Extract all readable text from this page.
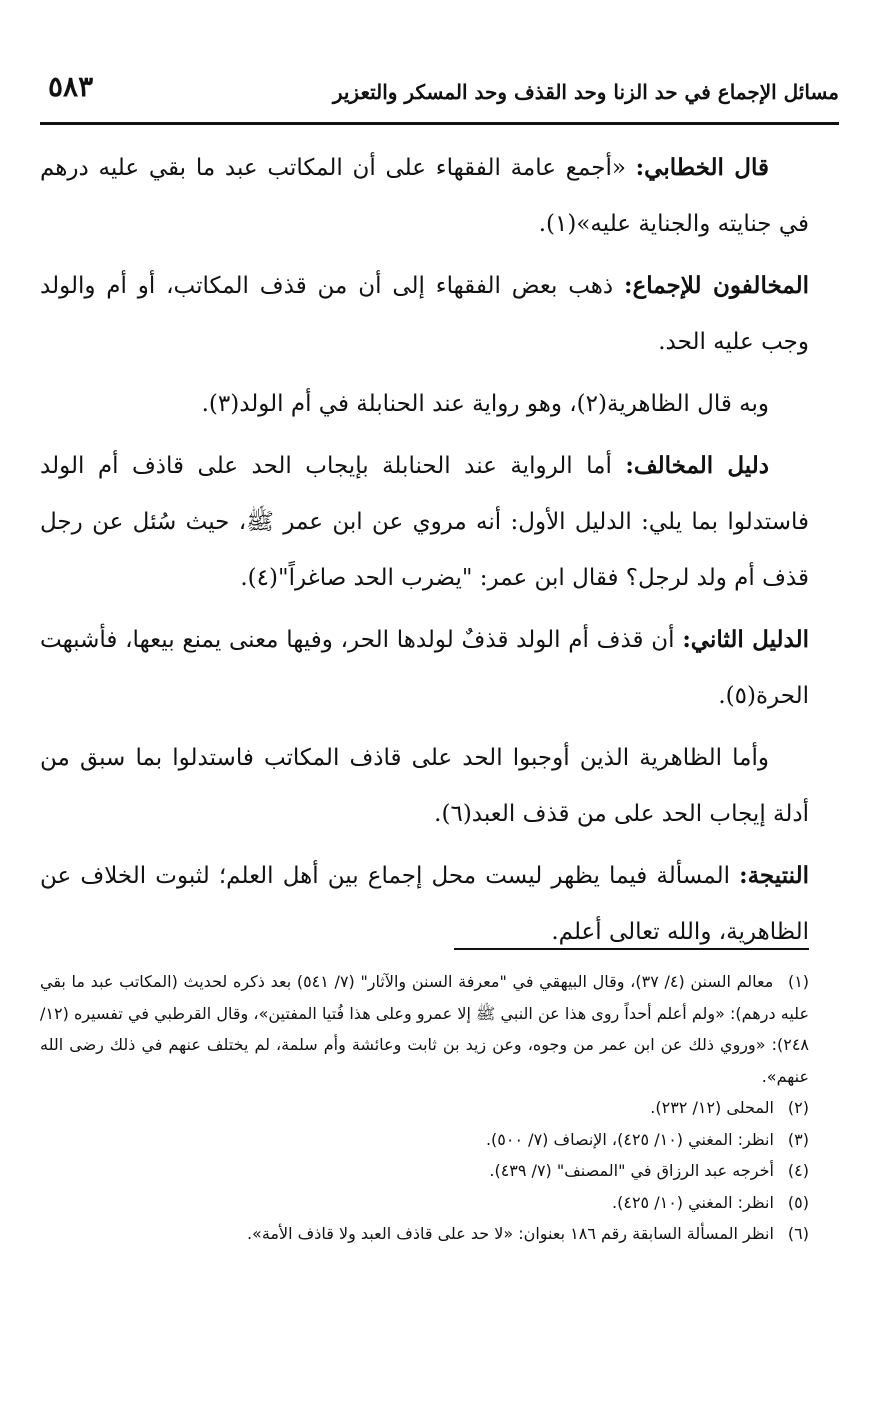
مسائل الإجماع في حد الزنا وحد القذف وحد المسكر والتعزير
٥٨٣

قال الخطابي: «أجمع عامة الفقهاء على أن المكاتب عبد ما بقي عليه درهم في جنايته والجناية عليه»(١).

المخالفون للإجماع: ذهب بعض الفقهاء إلى أن من قذف المكاتب، أو أم والولد وجب عليه الحد.

وبه قال الظاهرية(٢)، وهو رواية عند الحنابلة في أم الولد(٣).

دليل المخالف: أما الرواية عند الحنابلة بإيجاب الحد على قاذف أم الولد فاستدلوا بما يلي: الدليل الأول: أنه مروي عن ابن عمر ﷺ، حيث سُئل عن رجل قذف أم ولد لرجل؟ فقال ابن عمر: "يضرب الحد صاغراً"(٤).

الدليل الثاني: أن قذف أم الولد قذفٌ لولدها الحر، وفيها معنى يمنع بيعها، فأشبهت الحرة(٥).

وأما الظاهرية الذين أوجبوا الحد على قاذف المكاتب فاستدلوا بما سبق من أدلة إيجاب الحد على من قذف العبد(٦).

النتيجة: المسألة فيما يظهر ليست محل إجماع بين أهل العلم؛ لثبوت الخلاف عن الظاهرية، والله تعالى أعلم.

(١) معالم السنن (٤/ ٣٧)، وقال البيهقي في "معرفة السنن والآثار" (٧/ ٥٤١) بعد ذكره لحديث (المكاتب عبد ما بقي عليه درهم): «ولم أعلم أحداً روى هذا عن النبي ﷺ إلا عمرو وعلى هذا فُتيا المفتين»، وقال القرطبي في تفسيره (١٢/ ٢٤٨): «وروي ذلك عن ابن عمر من وجوه، وعن زيد بن ثابت وعائشة وأم سلمة، لم يختلف عنهم في ذلك رضى الله عنهم».

(٢) المحلى (١٢/ ٢٣٢).

(٣) انظر: المغني (١٠/ ٤٢٥)، الإنصاف (٧/ ٥٠٠).

(٤) أخرجه عبد الرزاق في "المصنف" (٧/ ٤٣٩).

(٥) انظر: المغني (١٠/ ٤٢٥).

(٦) انظر المسألة السابقة رقم ١٨٦ بعنوان: «لا حد على قاذف العبد ولا قاذف الأمة».
